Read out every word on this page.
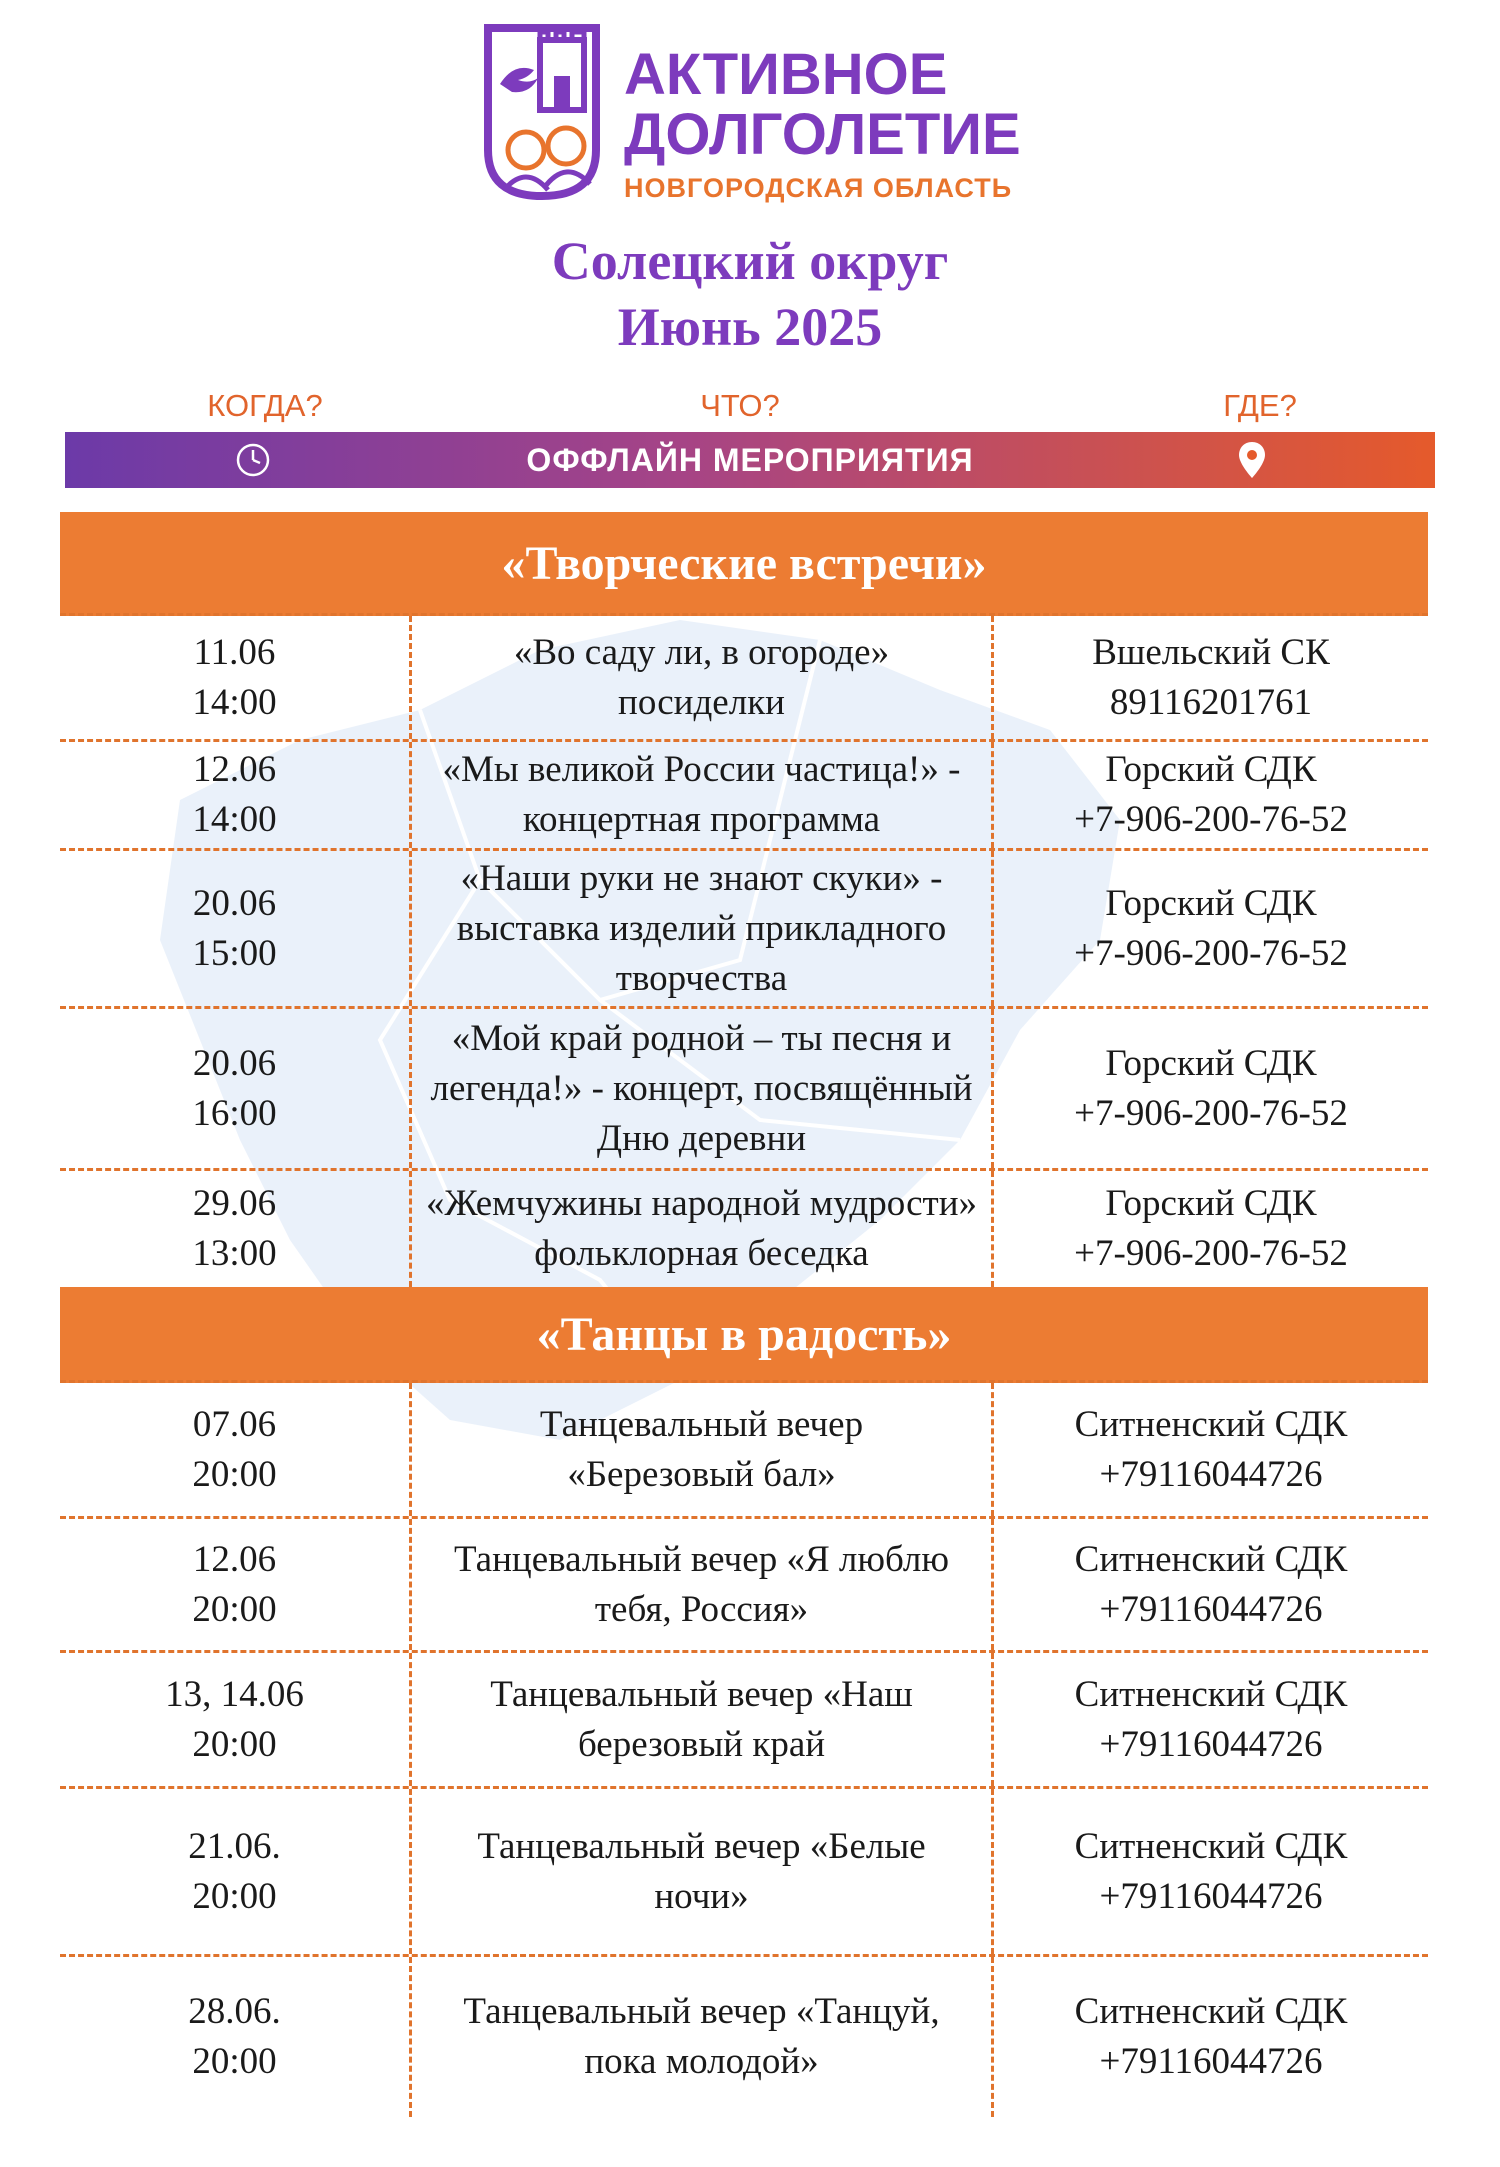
АКТИВНОЕ
ДОЛГОЛЕТИЕ
НОВГОРОДСКАЯ ОБЛАСТЬ
Солецкий округ
Июнь 2025
КОГДА?	ЧТО?	ГДЕ?
ОФФЛАЙН МЕРОПРИЯТИЯ
«Творческие встречи»
11.06
14:00
«Во саду ли, в огороде» посиделки
Вшельский СК
89116201761
12.06
14:00
«Мы великой России частица!» - концертная программа
Горский СДК
+7-906-200-76-52
20.06
15:00
«Наши руки не знают скуки» - выставка изделий прикладного творчества
Горский СДК
+7-906-200-76-52
20.06
16:00
«Мой край родной – ты песня и легенда!» - концерт, посвящённый Дню деревни
Горский СДК
+7-906-200-76-52
29.06
13:00
«Жемчужины народной мудрости» фольклорная беседка
Горский СДК
+7-906-200-76-52
«Танцы в радость»
07.06
20:00
Танцевальный вечер «Березовый бал»
Ситненский СДК
+79116044726
12.06
20:00
Танцевальный вечер «Я люблю тебя, Россия»
Ситненский СДК
+79116044726
13, 14.06
20:00
Танцевальный вечер «Наш березовый край
Ситненский СДК
+79116044726
21.06.
20:00
Танцевальный вечер «Белые ночи»
Ситненский СДК
+79116044726
28.06.
20:00
Танцевальный вечер «Танцуй, пока молодой»
Ситненский СДК
+79116044726
